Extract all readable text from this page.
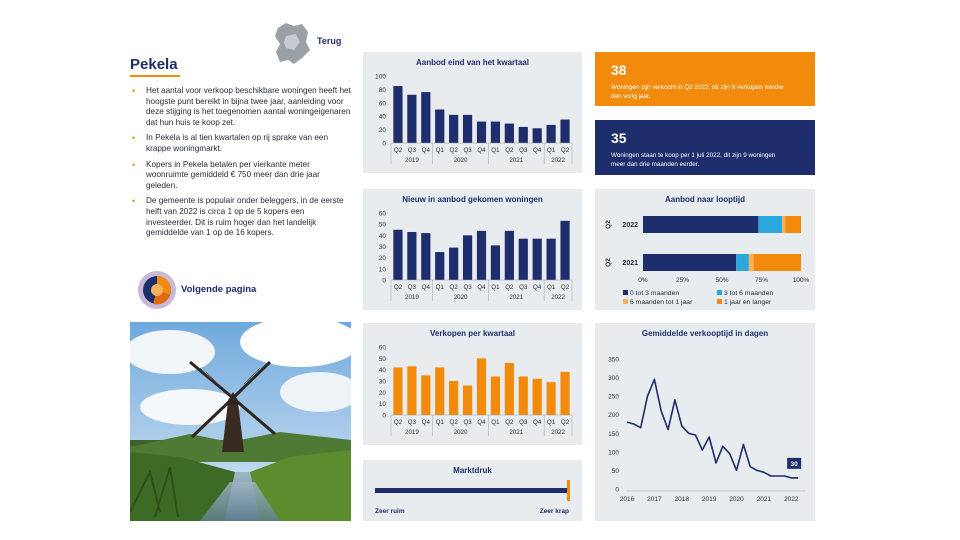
Terug
Pekela
• Het aantal voor verkoop beschikbare woningen heeft het hoogste punt bereikt in bijna twee jaar, aanleiding voor deze stijging is het toegenomen aantal woningeigenaren dat hun huis te koop zet.
• In Pekela is al tien kwartalen op rij sprake van een krappe woningmarkt.
• Kopers in Pekela betalen per vierkante meter woonruimte gemiddeld € 750 meer dan drie jaar geleden.
• De gemeente is populair onder beleggers, in de eerste helft van 2022 is circa 1 op de 5 kopers een investeerder. Dit is ruim hoger dan het landelijk gemiddelde van 1 op de 16 kopers.
Volgende pagina
Aanbod eind van het kwartaal
0
20
40
60
80
100
Q2 Q3 Q4 Q1 Q2 Q3 Q4 Q1 Q2 Q3 Q4 Q1 Q2
2019	2020	2021	2022
Nieuw in aanbod gekomen woningen
0
10
20
30
40
50
60
Q2 Q3 Q4 Q1 Q2 Q3 Q4 Q1 Q2 Q3 Q4 Q1 Q2
2019	2020	2021	2022
Verkopen per kwartaal
0
10
20
30
40
50
60
Q2 Q3 Q4 Q1 Q2 Q3 Q4 Q1 Q2 Q3 Q4 Q1 Q2
2019	2020	2021	2022
Marktdruk
Zeer ruim	Zeer krap
38
Woningen zijn verkocht in Q2 2022, dit zijn 8 verkopen minder dan vorig jaar.
35
Woningen staan te koop per 1 juli 2022, dit zijn 9 woningen meer dan drie maanden eerder.
Aanbod naar looptijd
2022
Q2
2021
Q2
0%	25%	50%	75%	100%
0 tot 3 maanden	3 tot 6 maanden
6 maanden tot 1 jaar	1 jaar en langer
Gemiddelde verkooptijd in dagen
0
50
100
150
200
250
300
350
2016 2017 2018 2019 2020 2021 2022
30
